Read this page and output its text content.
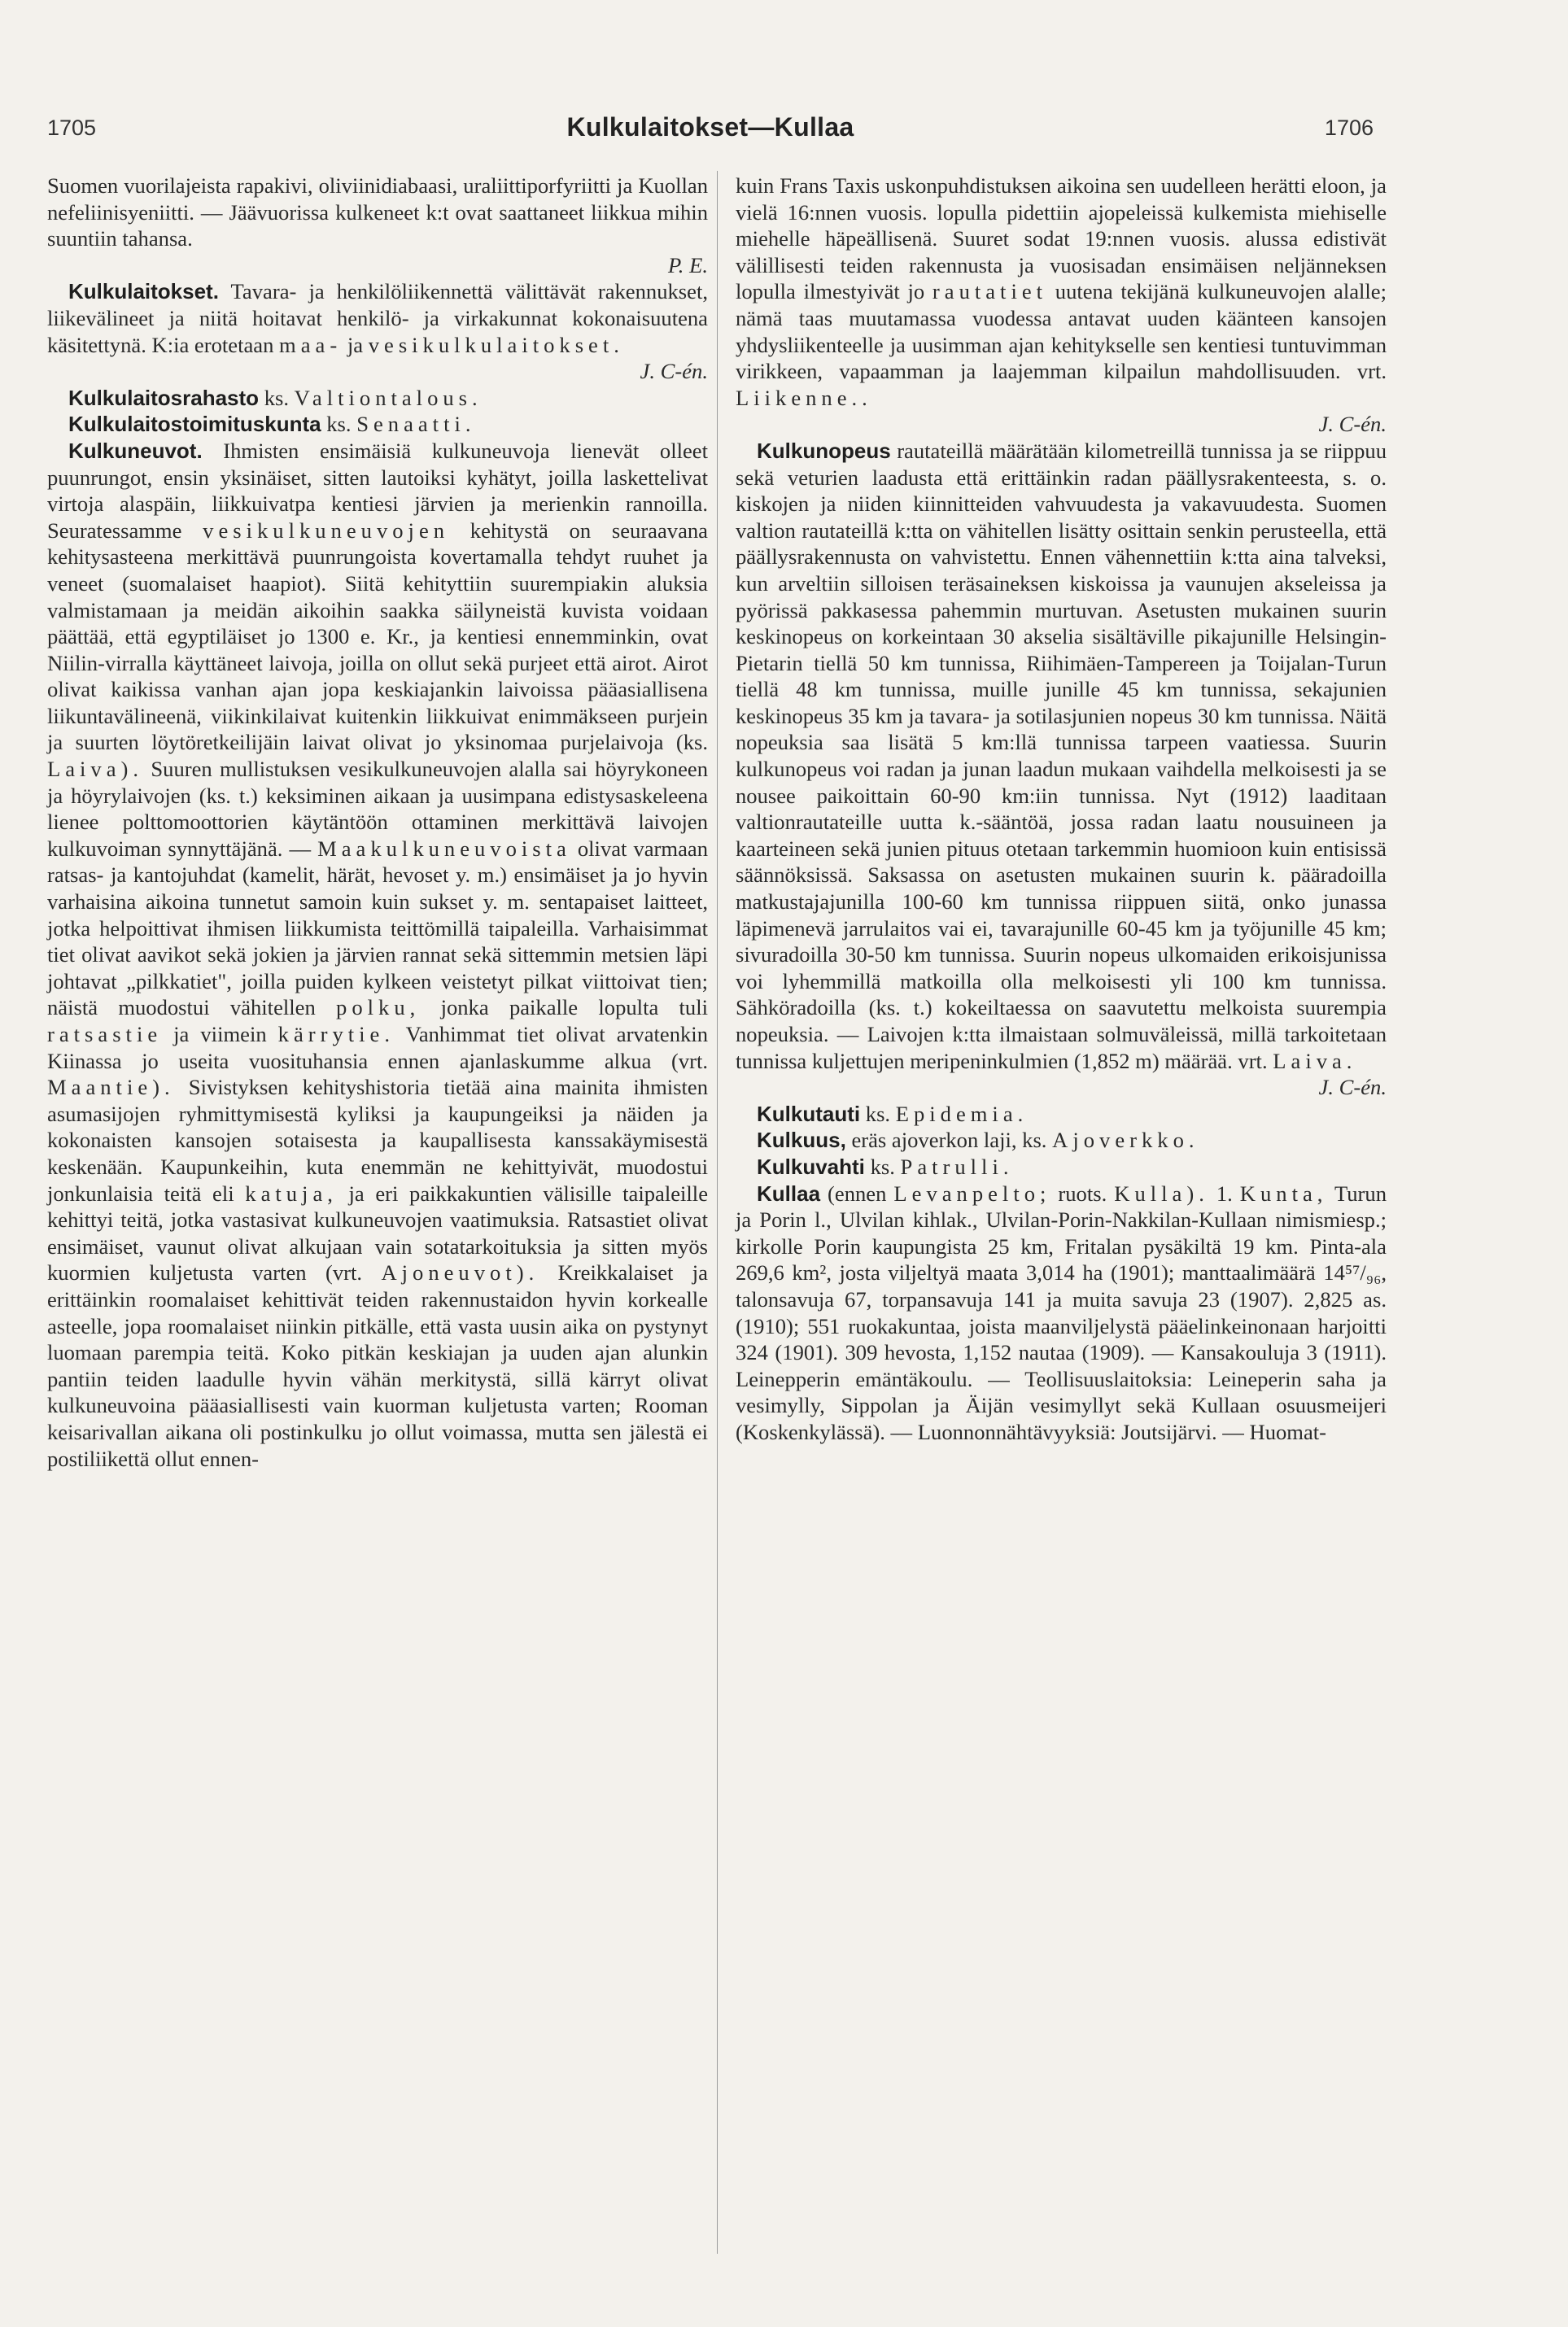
1705	Kulkulaitokset—Kullaa	1706

Suomen vuorilajeista rapakivi, oliviinidiabaasi, uraliittiporfyriitti ja Kuollan nefeliinisyeniitti. — Jäävuorissa kulkeneet k:t ovat saattaneet liikkua mihin suuntiin tahansa.
P. E.

Kulkulaitokset. Tavara- ja henkilöliikennettä välittävät rakennukset, liikevälineet ja niitä hoitavat henkilö- ja virkakunnat kokonaisuutena käsitettynä. K:ia erotetaan maa- ja vesikulkulaitokset.
J. C-én.

Kulkulaitosrahasto ks. Valtiontalous.

Kulkulaitostoimituskunta ks. Senaatti.

Kulkuneuvot. Ihmisten ensimäisiä kulkuneuvoja lienevät olleet puunrungot, ensin yksinäiset, sitten lautoiksi kyhätyt, joilla laskettelivat virtoja alaspäin, liikkuivatpa kentiesi järvien ja merienkin rannoilla. Seuratessamme vesikulkuneuvojen kehitystä on seuraavana kehitysasteena merkittävä puunrungoista kovertamalla tehdyt ruuhet ja veneet (suomalaiset haapiot). Siitä kehityttiin suurempiakin aluksia valmistamaan ja meidän aikoihin saakka säilyneistä kuvista voidaan päättää, että egyptiläiset jo 1300 e. Kr., ja kentiesi ennemminkin, ovat Niilin-virralla käyttäneet laivoja, joilla on ollut sekä purjeet että airot. Airot olivat kaikissa vanhan ajan jopa keskiajankin laivoissa pääasiallisena liikuntavälineenä, viikinkilaivat kuitenkin liikkuivat enimmäkseen purjein ja suurten löytöretkeilijäin laivat olivat jo yksinomaa purjelaivoja (ks. Laiva). Suuren mullistuksen vesikulkuneuvojen alalla sai höyrykoneen ja höyrylaivojen (ks. t.) keksiminen aikaan ja uusimpana edistysaskeleena lienee polttomoottorien käytäntöön ottaminen merkittävä laivojen kulkuvoiman synnyttäjänä. — Maakulkuneuvoista olivat varmaan ratsas- ja kantojuhdat (kamelit, härät, hevoset y. m.) ensimäiset ja jo hyvin varhaisina aikoina tunnetut samoin kuin sukset y. m. sentapaiset laitteet, jotka helpoittivat ihmisen liikkumista teittömillä taipaleilla. Varhaisimmat tiet olivat aavikot sekä jokien ja järvien rannat sekä sittemmin metsien läpi johtavat „pilkkatiet", joilla puiden kylkeen veistetyt pilkat viittoivat tien; näistä muodostui vähitellen polku, jonka paikalle lopulta tuli ratsastie ja viimein kärrytie. Vanhimmat tiet olivat arvatenkin Kiinassa jo useita vuosituhansia ennen ajanlaskumme alkua (vrt. Maantie). Sivistyksen kehityshistoria tietää aina mainita ihmisten asumasijojen ryhmittymisestä kyliksi ja kaupungeiksi ja näiden ja kokonaisten kansojen sotaisesta ja kaupallisesta kanssakäymisestä keskenään. Kaupunkeihin, kuta enemmän ne kehittyivät, muodostui jonkunlaisia teitä eli katuja, ja eri paikkakuntien välisille taipaleille kehittyi teitä, jotka vastasivat kulkuneuvojen vaatimuksia. Ratsastiet olivat ensimäiset, vaunut olivat alkujaan vain sotatarkoituksia ja sitten myös kuormien kuljetusta varten (vrt. Ajoneuvot). Kreikkalaiset ja erittäinkin roomalaiset kehittivät teiden rakennustaidon hyvin korkealle asteelle, jopa roomalaiset niinkin pitkälle, että vasta uusin aika on pystynyt luomaan parempia teitä. Koko pitkän keskiajan ja uuden ajan alunkin pantiin teiden laadulle hyvin vähän merkitystä, sillä kärryt olivat kulkuneuvoina pääasiallisesti vain kuorman kuljetusta varten; Rooman keisarivallan aikana oli postinkulku jo ollut voimassa, mutta sen jälestä ei postiliikettä ollut ennen-

kuin Frans Taxis uskonpuhdistuksen aikoina sen uudelleen herätti eloon, ja vielä 16:nnen vuosis. lopulla pidettiin ajopeleissä kulkemista miehiselle miehelle häpeällisenä. Suuret sodat 19:nnen vuosis. alussa edistivät välillisesti teiden rakennusta ja vuosisadan ensimäisen neljänneksen lopulla ilmestyivät jo rautatiet uutena tekijänä kulkuneuvojen alalle; nämä taas muutamassa vuodessa antavat uuden käänteen kansojen yhdysliikenteelle ja uusimman ajan kehitykselle sen kentiesi tuntuvimman virikkeen, vapaamman ja laajemman kilpailun mahdollisuuden. vrt. Liikenne..
J. C-én.

Kulkunopeus rautateillä määrätään kilometreillä tunnissa ja se riippuu sekä veturien laadusta että erittäinkin radan päällysrakenteesta, s. o. kiskojen ja niiden kiinnitteiden vahvuudesta ja vakavuudesta. Suomen valtion rautateillä k:tta on vähitellen lisätty osittain senkin perusteella, että päällysrakennusta on vahvistettu. Ennen vähennettiin k:tta aina talveksi, kun arveltiin silloisen teräsaineksen kiskoissa ja vaunujen akseleissa ja pyörissä pakkasessa pahemmin murtuvan. Asetusten mukainen suurin keskinopeus on korkeintaan 30 akselia sisältäville pikajunille Helsingin-Pietarin tiellä 50 km tunnissa, Riihimäen-Tampereen ja Toijalan-Turun tiellä 48 km tunnissa, muille junille 45 km tunnissa, sekajunien keskinopeus 35 km ja tavara- ja sotilasjunien nopeus 30 km tunnissa. Näitä nopeuksia saa lisätä 5 km:llä tunnissa tarpeen vaatiessa. Suurin kulkunopeus voi radan ja junan laadun mukaan vaihdella melkoisesti ja se nousee paikoittain 60-90 km:iin tunnissa. Nyt (1912) laaditaan valtionrautateille uutta k.-sääntöä, jossa radan laatu nousuineen ja kaarteineen sekä junien pituus otetaan tarkemmin huomioon kuin entisissä säännöksissä. Saksassa on asetusten mukainen suurin k. pääradoilla matkustajajunilla 100-60 km tunnissa riippuen siitä, onko junassa läpimenevä jarrulaitos vai ei, tavarajunille 60-45 km ja työjunille 45 km; sivuradoilla 30-50 km tunnissa. Suurin nopeus ulkomaiden erikoisjunissa voi lyhemmillä matkoilla olla melkoisesti yli 100 km tunnissa. Sähköradoilla (ks. t.) kokeiltaessa on saavutettu melkoista suurempia nopeuksia. — Laivojen k:tta ilmaistaan solmuväleissä, millä tarkoitetaan tunnissa kuljettujen meripeninkulmien (1,852 m) määrää. vrt. Laiva.
J. C-én.

Kulkutauti ks. Epidemia.

Kulkuus, eräs ajoverkon laji, ks. Ajoverkko.

Kulkuvahti ks. Patrulli.

Kullaa (ennen Levanpelto; ruots. Kulla). 1. Kunta, Turun ja Porin l., Ulvilan kihlak., Ulvilan-Porin-Nakkilan-Kullaan nimismiesp.; kirkolle Porin kaupungista 25 km, Fritalan pysäkiltä 19 km. Pinta-ala 269,6 km², josta viljeltyä maata 3,014 ha (1901); manttaalimäärä 14⁵⁷/₉₆, talonsavuja 67, torpansavuja 141 ja muita savuja 23 (1907). 2,825 as. (1910); 551 ruokakuntaa, joista maanviljelystä pääelinkeinonaan harjoitti 324 (1901). 309 hevosta, 1,152 nautaa (1909). — Kansakouluja 3 (1911). Leinepperin emäntäkoulu. — Teollisuuslaitoksia: Leineperin saha ja vesimylly, Sippolan ja Äijän vesimyllyt sekä Kullaan osuusmeijeri (Koskenkylässä). — Luonnonnähtävyyksiä: Joutsijärvi. — Huomat-
